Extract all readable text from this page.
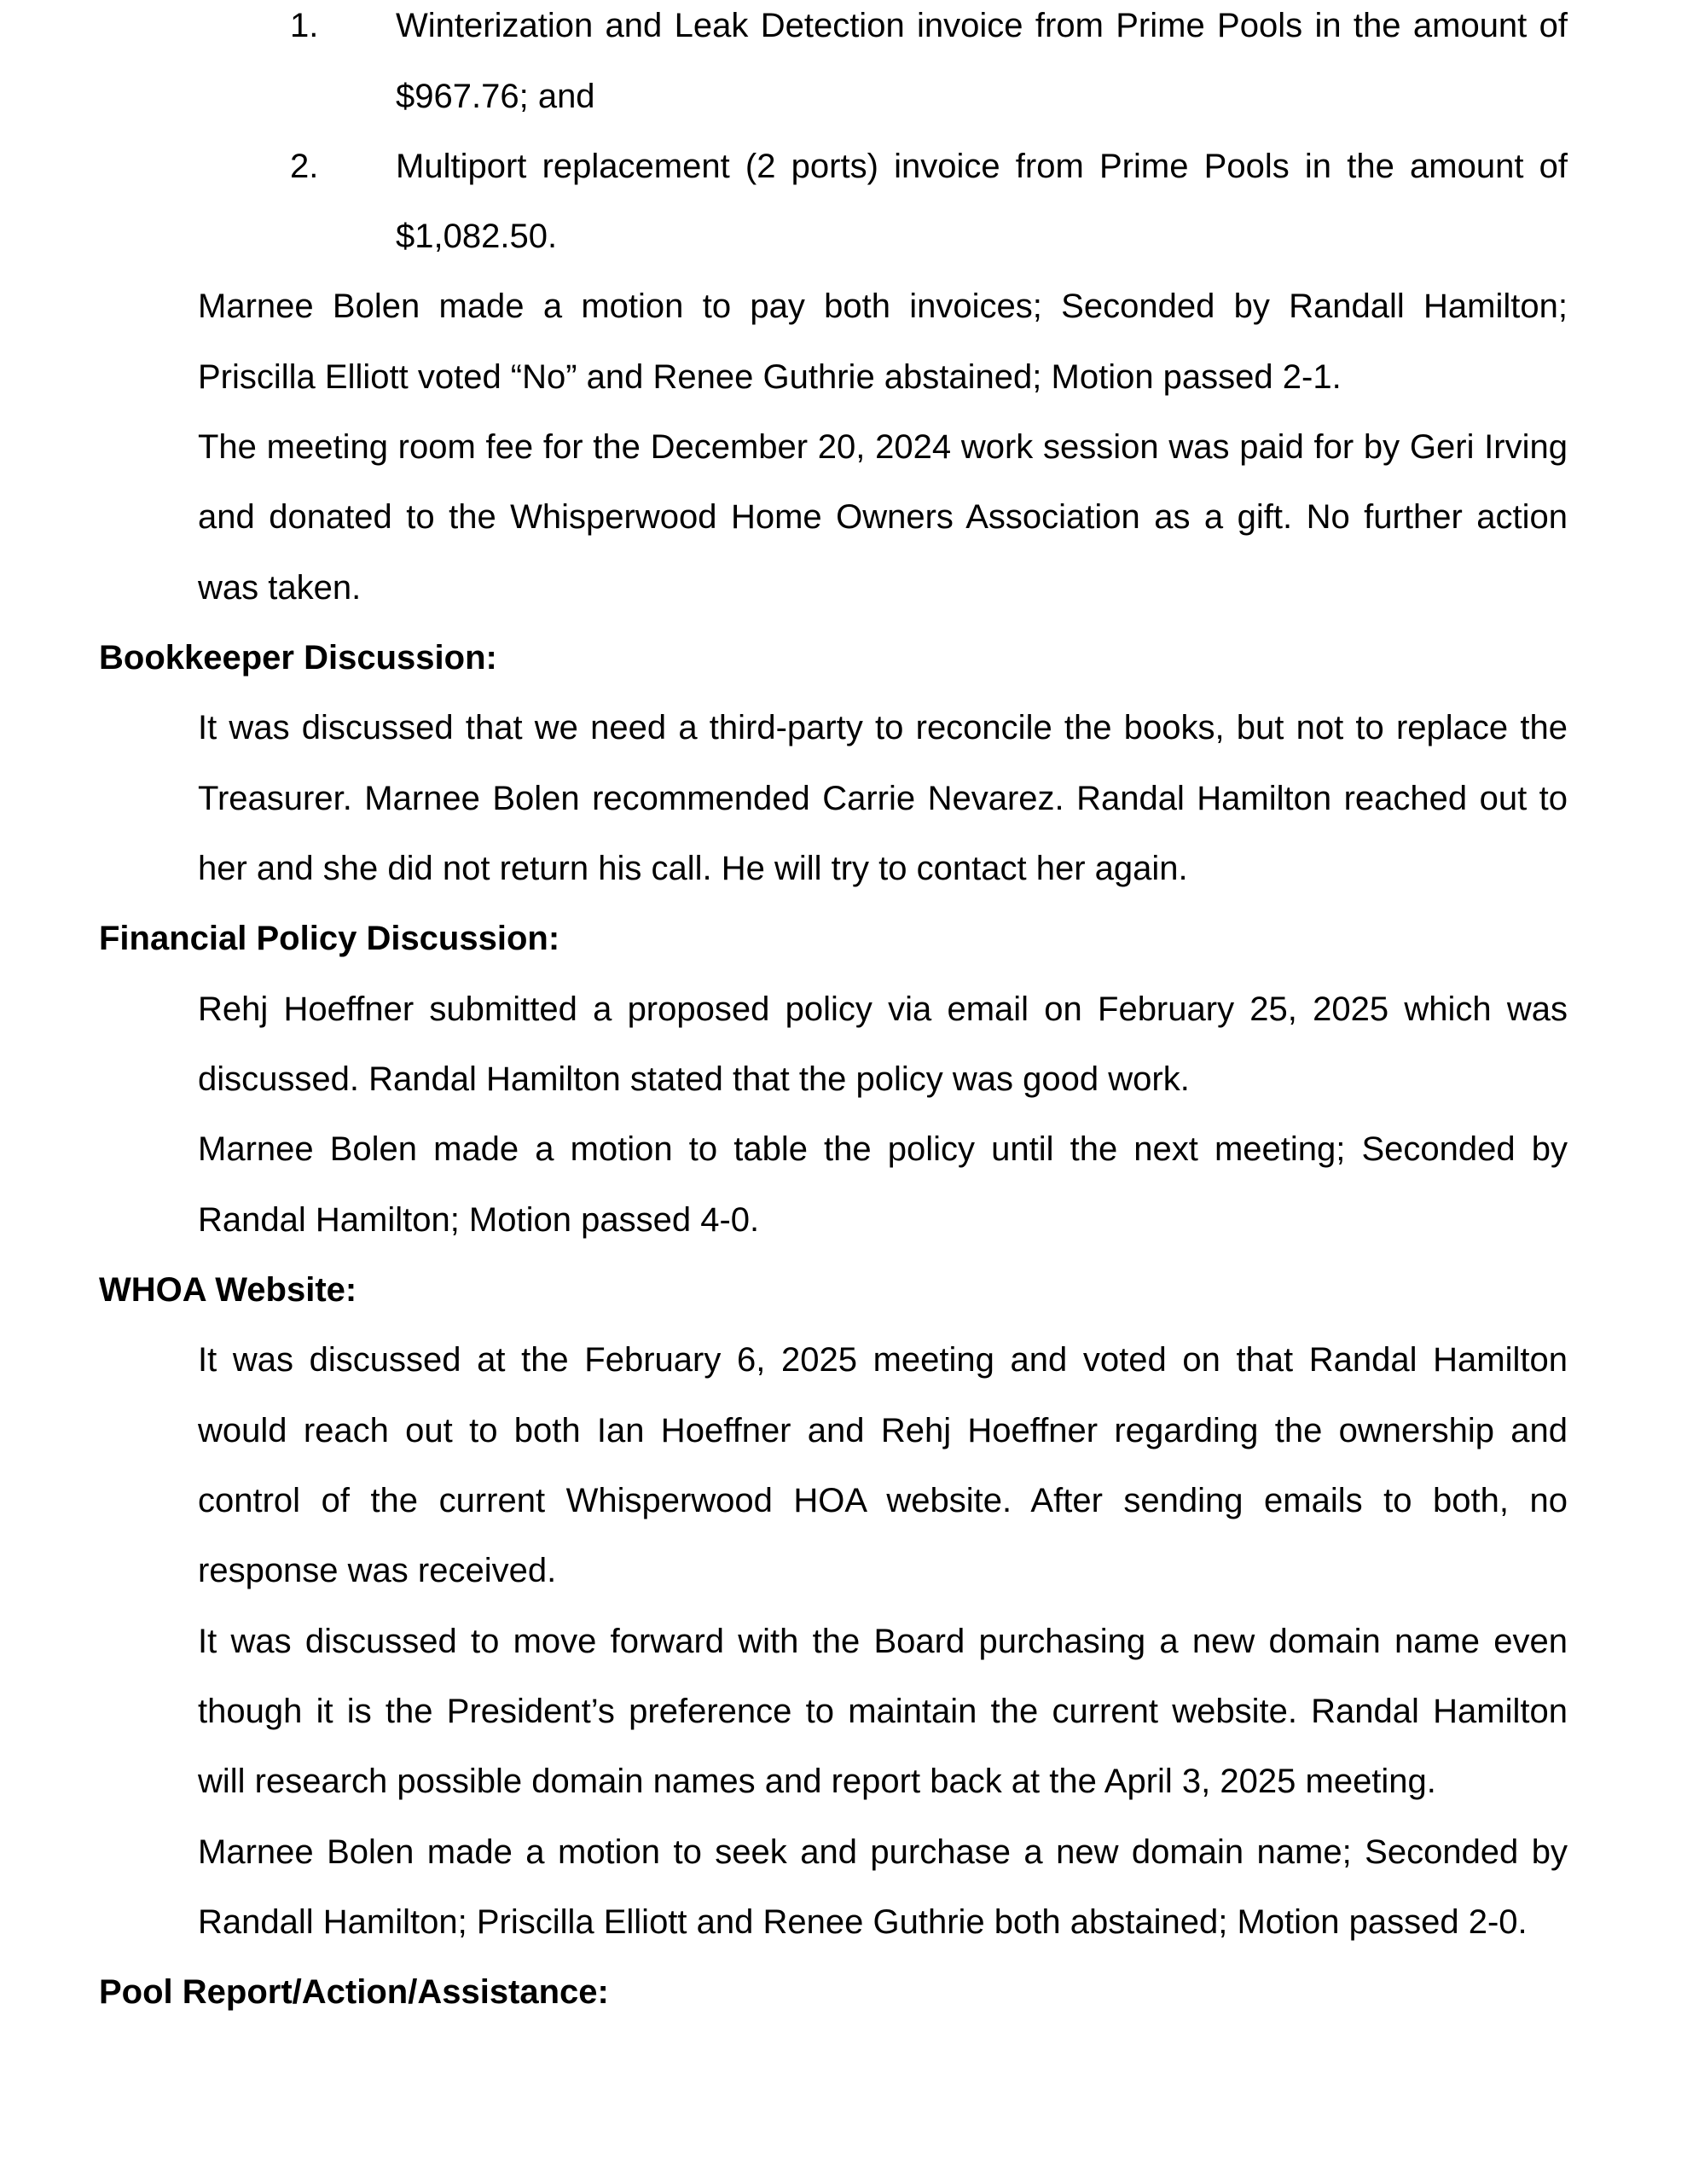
1. Winterization and Leak Detection invoice from Prime Pools in the amount of
$967.76; and
2. Multiport replacement (2 ports) invoice from Prime Pools in the amount of
$1,082.50.
Marnee Bolen made a motion to pay both invoices; Seconded by Randall Hamilton;
Priscilla Elliott voted “No” and Renee Guthrie abstained; Motion passed 2-1.
The meeting room fee for the December 20, 2024 work session was paid for by Geri Irving
and donated to the Whisperwood Home Owners Association as a gift. No further action
was taken.
Bookkeeper Discussion:
It was discussed that we need a third-party to reconcile the books, but not to replace the
Treasurer. Marnee Bolen recommended Carrie Nevarez. Randal Hamilton reached out to
her and she did not return his call. He will try to contact her again.
Financial Policy Discussion:
Rehj Hoeffner submitted a proposed policy via email on February 25, 2025 which was
discussed. Randal Hamilton stated that the policy was good work.
Marnee Bolen made a motion to table the policy until the next meeting; Seconded by
Randal Hamilton; Motion passed 4-0.
WHOA Website:
It was discussed at the February 6, 2025 meeting and voted on that Randal Hamilton
would reach out to both Ian Hoeffner and Rehj Hoeffner regarding the ownership and
control of the current Whisperwood HOA website. After sending emails to both, no
response was received.
It was discussed to move forward with the Board purchasing a new domain name even
though it is the President’s preference to maintain the current website. Randal Hamilton
will research possible domain names and report back at the April 3, 2025 meeting.
Marnee Bolen made a motion to seek and purchase a new domain name; Seconded by
Randall Hamilton; Priscilla Elliott and Renee Guthrie both abstained; Motion passed 2-0.
Pool Report/Action/Assistance:
